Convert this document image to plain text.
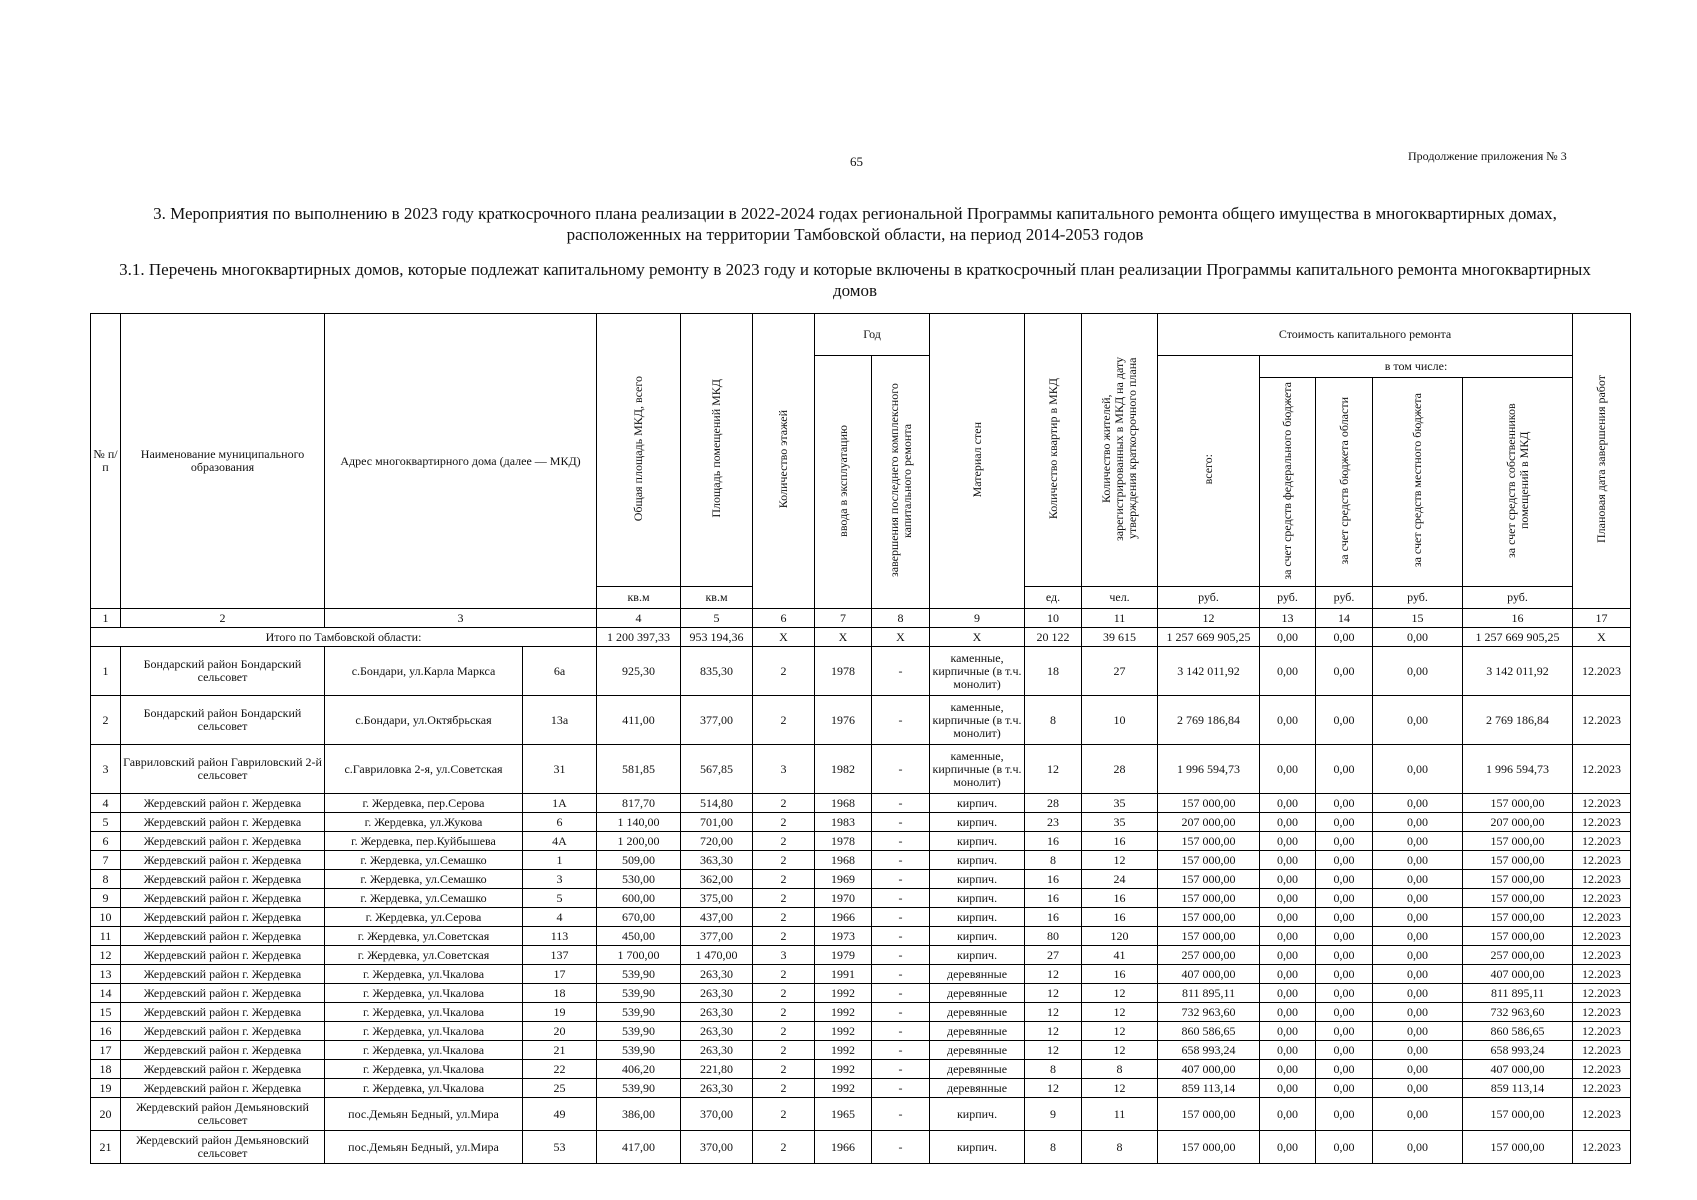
65	Продолжение приложения № 3
3. Мероприятия по выполнению в 2023 году краткосрочного плана реализации в 2022-2024 годах региональной Программы капитального ремонта общего имущества в многоквартирных домах, расположенных на территории Тамбовской области, на период 2014-2053 годов
3.1. Перечень многоквартирных домов, которые подлежат капитальному ремонту в 2023 году и которые включены в краткосрочный план реализации Программы капитального ремонта многоквартирных домов
№ п/п	Наименование муниципального образования	Адрес многоквартирного дома (далее — МКД)		Общая площадь МКД, всего	Площадь помещений МКД	Количество этажей	Год		Материал стен	Количество квартир в МКД	Количество жителей, зарегистрированных в МКД на дату утверждения краткосрочного плана	Стоимость капитального ремонта					Плановая дата завершения работ
							ввода в эксплуатацию	завершения последнего комплексного капитального ремонта				всего:	в том числе:				
													за счет средств федерального бюджета	за счет средств бюджета области	за счет средств местного бюджета	за счет средств собственников помещений в МКД	
				кв.м	кв.м					ед.	чел.	руб.	руб.	руб.	руб.	руб.	
1	2	3		4	5	6	7	8	9	10	11	12	13	14	15	16	17
Итого по Тамбовской области:				1 200 397,33	953 194,36	X	X	X	X	20 122	39 615	1 257 669 905,25	0,00	0,00	0,00	1 257 669 905,25	X
1	Бондарский район Бондарский сельсовет	с.Бондари, ул.Карла Маркса	6а	925,30	835,30	2	1978	-	каменные, кирпичные (в т.ч. монолит)	18	27	3 142 011,92	0,00	0,00	0,00	3 142 011,92	12.2023
2	Бондарский район Бондарский сельсовет	с.Бондари, ул.Октябрьская	13а	411,00	377,00	2	1976	-	каменные, кирпичные (в т.ч. монолит)	8	10	2 769 186,84	0,00	0,00	0,00	2 769 186,84	12.2023
3	Гавриловский район Гавриловский 2-й сельсовет	с.Гавриловка 2-я, ул.Советская	31	581,85	567,85	3	1982	-	каменные, кирпичные (в т.ч. монолит)	12	28	1 996 594,73	0,00	0,00	0,00	1 996 594,73	12.2023
4	Жердевский район г. Жердевка	г. Жердевка, пер.Серова	1А	817,70	514,80	2	1968	-	кирпич.	28	35	157 000,00	0,00	0,00	0,00	157 000,00	12.2023
5	Жердевский район г. Жердевка	г. Жердевка, ул.Жукова	6	1 140,00	701,00	2	1983	-	кирпич.	23	35	207 000,00	0,00	0,00	0,00	207 000,00	12.2023
6	Жердевский район г. Жердевка	г. Жердевка, пер.Куйбышева	4А	1 200,00	720,00	2	1978	-	кирпич.	16	16	157 000,00	0,00	0,00	0,00	157 000,00	12.2023
7	Жердевский район г. Жердевка	г. Жердевка, ул.Семашко	1	509,00	363,30	2	1968	-	кирпич.	8	12	157 000,00	0,00	0,00	0,00	157 000,00	12.2023
8	Жердевский район г. Жердевка	г. Жердевка, ул.Семашко	3	530,00	362,00	2	1969	-	кирпич.	16	24	157 000,00	0,00	0,00	0,00	157 000,00	12.2023
9	Жердевский район г. Жердевка	г. Жердевка, ул.Семашко	5	600,00	375,00	2	1970	-	кирпич.	16	16	157 000,00	0,00	0,00	0,00	157 000,00	12.2023
10	Жердевский район г. Жердевка	г. Жердевка, ул.Серова	4	670,00	437,00	2	1966	-	кирпич.	16	16	157 000,00	0,00	0,00	0,00	157 000,00	12.2023
11	Жердевский район г. Жердевка	г. Жердевка, ул.Советская	113	450,00	377,00	2	1973	-	кирпич.	80	120	157 000,00	0,00	0,00	0,00	157 000,00	12.2023
12	Жердевский район г. Жердевка	г. Жердевка, ул.Советская	137	1 700,00	1 470,00	3	1979	-	кирпич.	27	41	257 000,00	0,00	0,00	0,00	257 000,00	12.2023
13	Жердевский район г. Жердевка	г. Жердевка, ул.Чкалова	17	539,90	263,30	2	1991	-	деревянные	12	16	407 000,00	0,00	0,00	0,00	407 000,00	12.2023
14	Жердевский район г. Жердевка	г. Жердевка, ул.Чкалова	18	539,90	263,30	2	1992	-	деревянные	12	12	811 895,11	0,00	0,00	0,00	811 895,11	12.2023
15	Жердевский район г. Жердевка	г. Жердевка, ул.Чкалова	19	539,90	263,30	2	1992	-	деревянные	12	12	732 963,60	0,00	0,00	0,00	732 963,60	12.2023
16	Жердевский район г. Жердевка	г. Жердевка, ул.Чкалова	20	539,90	263,30	2	1992	-	деревянные	12	12	860 586,65	0,00	0,00	0,00	860 586,65	12.2023
17	Жердевский район г. Жердевка	г. Жердевка, ул.Чкалова	21	539,90	263,30	2	1992	-	деревянные	12	12	658 993,24	0,00	0,00	0,00	658 993,24	12.2023
18	Жердевский район г. Жердевка	г. Жердевка, ул.Чкалова	22	406,20	221,80	2	1992	-	деревянные	8	8	407 000,00	0,00	0,00	0,00	407 000,00	12.2023
19	Жердевский район г. Жердевка	г. Жердевка, ул.Чкалова	25	539,90	263,30	2	1992	-	деревянные	12	12	859 113,14	0,00	0,00	0,00	859 113,14	12.2023
20	Жердевский район Демьяновский сельсовет	пос.Демьян Бедный, ул.Мира	49	386,00	370,00	2	1965	-	кирпич.	9	11	157 000,00	0,00	0,00	0,00	157 000,00	12.2023
21	Жердевский район Демьяновский сельсовет	пос.Демьян Бедный, ул.Мира	53	417,00	370,00	2	1966	-	кирпич.	8	8	157 000,00	0,00	0,00	0,00	157 000,00	12.2023
